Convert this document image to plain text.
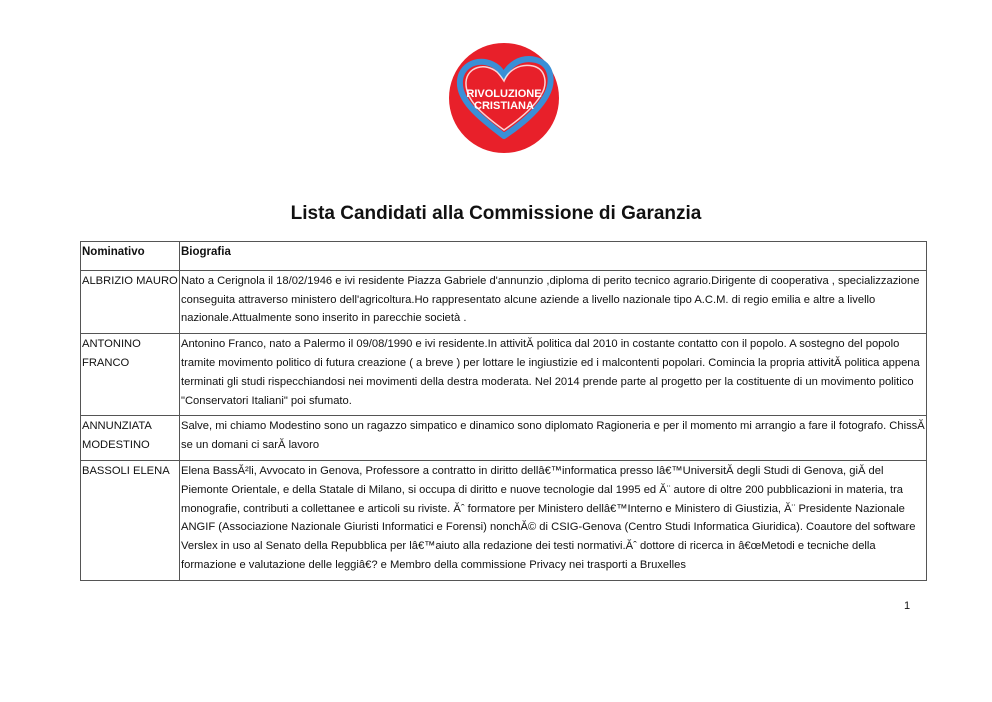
RIVOLUZIONE
CRISTIANA
Lista Candidati alla Commissione di Garanzia
Nominativo	Biografia
ALBRIZIO MAURO	Nato a Cerignola il 18/02/1946 e ivi residente Piazza Gabriele d'annunzio ,diploma di perito tecnico agrario.Dirigente di cooperativa , specializzazione conseguita attraverso ministero dell'agricoltura.Ho rappresentato alcune aziende a livello nazionale tipo A.C.M. di regio emilia e altre a livello nazionale.Attualmente sono inserito in parecchie società .
ANTONINO FRANCO	Antonino Franco, nato a Palermo il 09/08/1990 e ivi residente.In attivitĂ politica dal 2010 in costante contatto con il popolo. A sostegno del popolo tramite movimento politico di futura creazione ( a breve ) per lottare le ingiustizie ed i malcontenti popolari. Comincia la propria attivitĂ politica appena terminati gli studi rispecchiandosi nei movimenti della destra moderata. Nel 2014 prende parte al progetto per la costituente di un movimento politico "Conservatori Italiani" poi sfumato.
ANNUNZIATA MODESTINO	Salve, mi chiamo Modestino sono un ragazzo simpatico e dinamico sono diplomato Ragioneria e per il momento mi arrangio a fare il fotografo. ChissĂ se un domani ci sarĂ lavoro
BASSOLI ELENA	Elena BassĂ²li, Avvocato in Genova, Professore a contratto in diritto dellâ€™informatica presso lâ€™UniversitĂ degli Studi di Genova, giĂ del Piemonte Orientale, e della Statale di Milano, si occupa di diritto e nuove tecnologie dal 1995 ed Ă¨ autore di oltre 200 pubblicazioni in materia, tra monografie, contributi a collettanee e articoli su riviste. Ăˆ formatore per Ministero dellâ€™Interno e Ministero di Giustizia, Ă¨ Presidente Nazionale ANGIF (Associazione Nazionale Giuristi Informatici e Forensi) nonchĂ© di CSIG-Genova (Centro Studi Informatica Giuridica). Coautore del software Verslex in uso al Senato della Repubblica per lâ€™aiuto alla redazione dei testi normativi.Ăˆ dottore di ricerca in â€œMetodi e tecniche della formazione e valutazione delle leggiâ€? e Membro della commissione Privacy nei trasporti a Bruxelles
1
